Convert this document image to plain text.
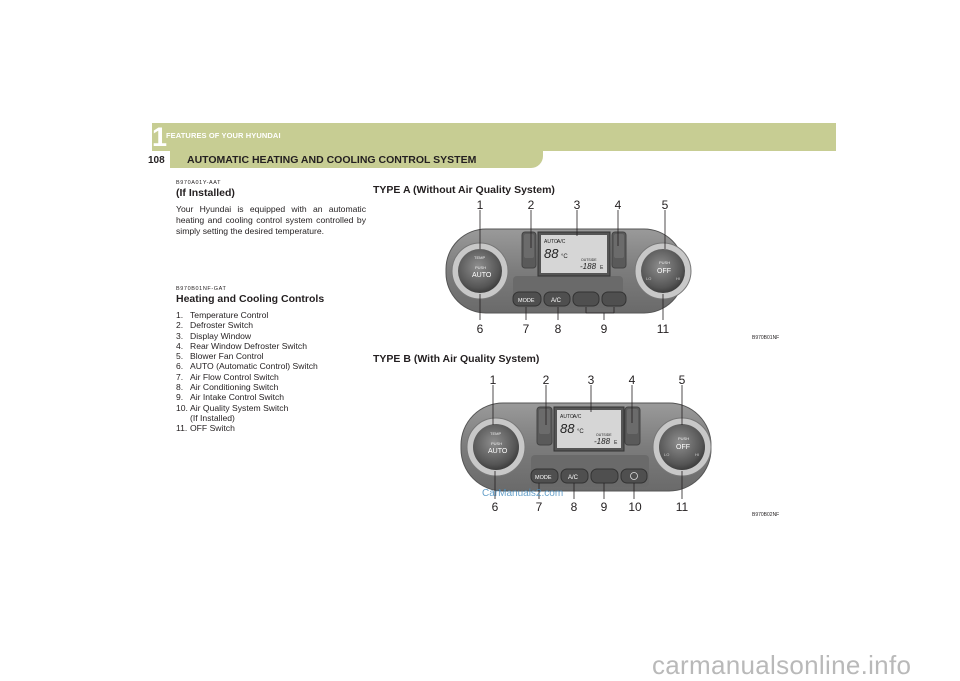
1
FEATURES OF YOUR HYUNDAI
108 AUTOMATIC HEATING AND COOLING CONTROL SYSTEM
B970A01Y-AAT
(If Installed)

Your Hyundai is equipped with an automatic heating and cooling control system controlled by simply setting the desired temperature.

B970B01NF-GAT
Heating and Cooling Controls
1. Temperature Control
2. Defroster Switch
3. Display Window
4. Rear Window Defroster Switch
5. Blower Fan Control
6. AUTO (Automatic Control) Switch
7. Air Flow Control Switch
8. Air Conditioning Switch
9. Air Intake Control Switch
10. Air Quality System Switch
(If Installed)
11. OFF Switch
TYPE A (Without Air Quality System)
TEMP
PUSH
AUTO
PUSH
OFF
LO	HI
AUTO A/C
88 °C	OUTSIDE
-188 E
MODE	A/C
1	2	3	4	5
6	7 8	9	11
B970B01NF
TYPE B (With Air Quality System)
TEMP
PUSH
AUTO
PUSH
OFF
LO	HI
AUTO A/C
88 °C	OUTSIDE
-188 E
MODE	A/C
1	2	3	4	5
6	7 8 9 10	11
B970B02NF
CarManuals2.com
carmanualsonline.info
